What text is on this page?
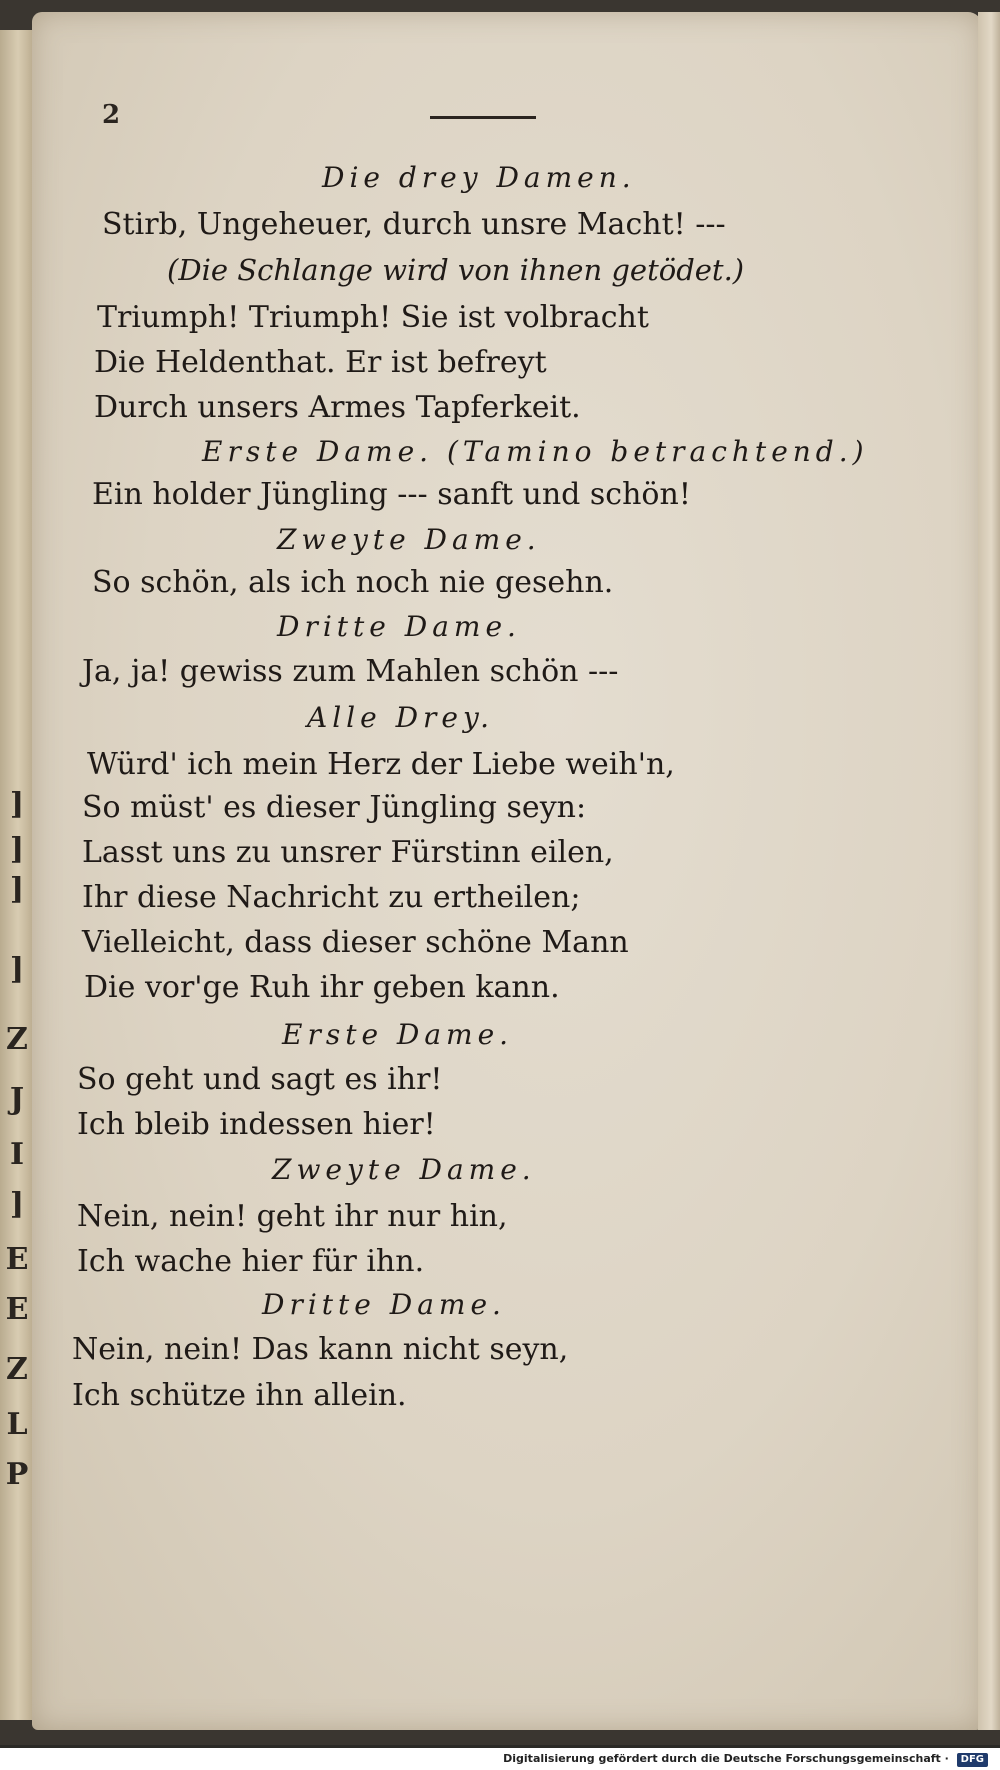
]
]
]
]
Z
J
I
]
E
E
Z
L
P
2
Die drey Damen.
Stirb, Ungeheuer, durch unsre Macht! ---
(Die Schlange wird von ihnen getödet.)
Triumph! Triumph! Sie ist volbracht
Die Heldenthat. Er ist befreyt
Durch unsers Armes Tapferkeit.
Erste Dame. (Tamino betrachtend.)
Ein holder Jüngling --- sanft und schön!
Zweyte Dame.
So schön, als ich noch nie gesehn.
Dritte Dame.
Ja, ja! gewiss zum Mahlen schön ---
Alle Drey.
Würd' ich mein Herz der Liebe weih'n,
So müst' es dieser Jüngling seyn:
Lasst uns zu unsrer Fürstinn eilen,
Ihr diese Nachricht zu ertheilen;
Vielleicht, dass dieser schöne Mann
Die vor'ge Ruh ihr geben kann.
Erste Dame.
So geht und sagt es ihr!
Ich bleib indessen hier!
Zweyte Dame.
Nein, nein! geht ihr nur hin,
Ich wache hier für ihn.
Dritte Dame.
Nein, nein! Das kann nicht seyn,
Ich schütze ihn allein.
Digitalisierung gefördert durch die Deutsche Forschungsgemeinschaft · DFG
